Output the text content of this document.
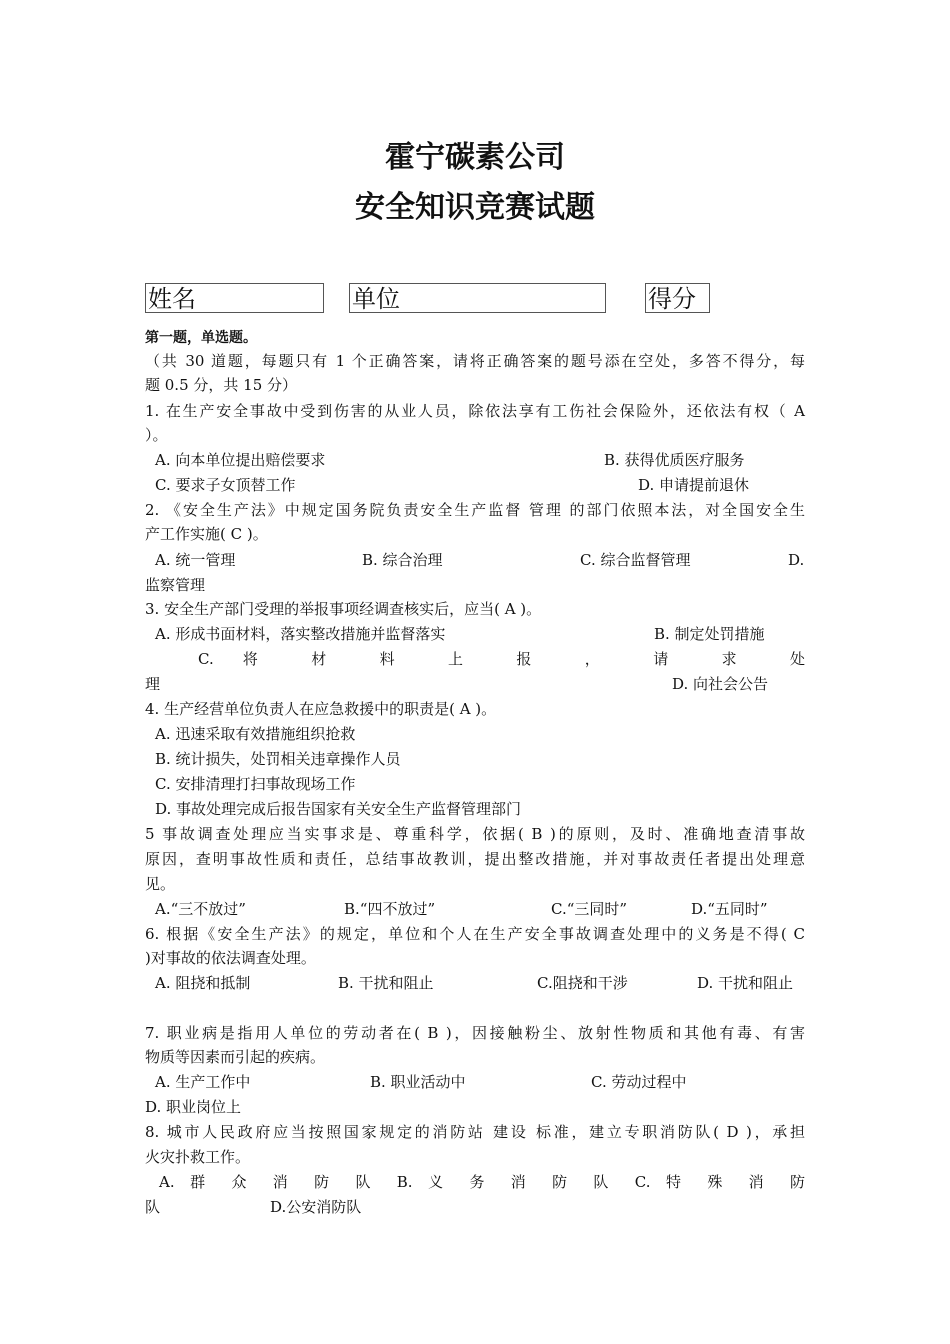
霍宁碳素公司
安全知识竞赛试题
姓名	单位	得分
第一题，单选题。
（共 30 道题，每题只有 1 个正确答案，请将正确答案的题号添在空处，多答不得分，每
题 0.5 分，共 15 分）
1. 在生产安全事故中受到伤害的从业人员，除依法享有工伤社会保险外，还依法有权（ A
）。
A. 向本单位提出赔偿要求	B. 获得优质医疗服务
C. 要求子女顶替工作	D. 申请提前退休
2. 《安全生产法》中规定国务院负责安全生产监督 管理 的部门依照本法，对全国安全生
产工作实施( C )。
A. 统一管理	B. 综合治理	C. 综合监督管理	D.
监察管理
3. 安全生产部门受理的举报事项经调查核实后，应当( A )。
A. 形成书面材料，落实整改措施并监督落实	B. 制定处罚措施
C. 将 材 料 上 报 ， 请 求 处
理	D. 向社会公告
4. 生产经营单位负责人在应急救援中的职责是( A )。
A. 迅速采取有效措施组织抢救
B. 统计损失，处罚相关违章操作人员
C. 安排清理打扫事故现场工作
D. 事故处理完成后报告国家有关安全生产监督管理部门
5 事故调查处理应当实事求是、尊重科学，依据( B )的原则，及时、准确地查清事故
原因，查明事故性质和责任，总结事故教训，提出整改措施，并对事故责任者提出处理意
见。
A.“三不放过”	B.“四不放过”	C.“三同时”	D.“五同时”
6. 根据《安全生产法》的规定，单位和个人在生产安全事故调查处理中的义务是不得( C
)对事故的依法调查处理。
A. 阻挠和抵制	B. 干扰和阻止	C.阻挠和干涉	D. 干扰和阻止
7. 职业病是指用人单位的劳动者在( B )，因接触粉尘、放射性物质和其他有毒、有害
物质等因素而引起的疾病。
A. 生产工作中	B. 职业活动中	C. 劳动过程中
D. 职业岗位上
8. 城市人民政府应当按照国家规定的消防站 建设 标准，建立专职消防队( D )，承担
火灾扑救工作。
A. 群 众 消 防 队 B. 义 务 消 防 队 C. 特 殊 消 防
队	D.公安消防队
